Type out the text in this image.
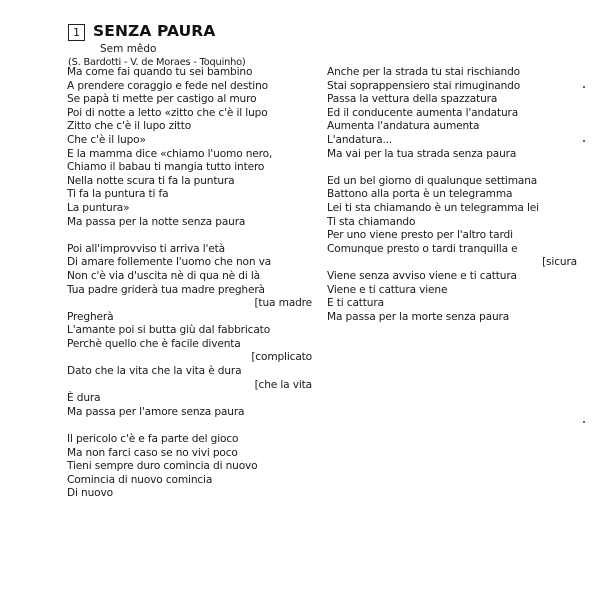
1 SENZA PAURA
Sem mêdo
(S. Bardotti - V. de Moraes - Toquinho)
Ma come fai quando tu sei bambino
A prendere coraggio e fede nel destino
Se papà ti mette per castigo al muro
Poi di notte a letto «zitto che c'è il lupo
Zitto che c'è il lupo zitto
Che c'è il lupo»
E la mamma dice «chiamo l'uomo nero,
Chiamo il babau ti mangia tutto intero
Nella notte scura ti fa la puntura
Ti fa la puntura ti fa
La puntura»
Ma passa per la notte senza paura
Poi all'improvviso ti arriva l'età
Di amare follemente l'uomo che non va
Non c'è via d'uscita nè di qua nè di là
Tua padre griderà tua madre pregherà
[tua madre
Pregherà
L'amante poi si butta giù dal fabbricato
Perchè quello che è facile diventa
[complicato
Dato che la vita che la vita è dura
[che la vita
È dura
Ma passa per l'amore senza paura
Il pericolo c'è e fa parte del gioco
Ma non farci caso se no vivi poco
Tieni sempre duro comincia di nuovo
Comincia di nuovo comincia
Di nuovo
Anche per la strada tu stai rischiando
Stai soprappensiero stai rimuginando
Passa la vettura della spazzatura
Ed il conducente aumenta l'andatura
Aumenta l'andatura aumenta
L'andatura...
Ma vai per la tua strada senza paura
Ed un bel giorno di qualunque settimana
Battono alla porta è un telegramma
Lei ti sta chiamando è un telegramma lei
Ti sta chiamando
Per uno viene presto per l'altro tardi
Comunque presto o tardi tranquilla e
[sicura
Viene senza avviso viene e ti cattura
Viene e ti cattura viene
E ti cattura
Ma passa per la morte senza paura
